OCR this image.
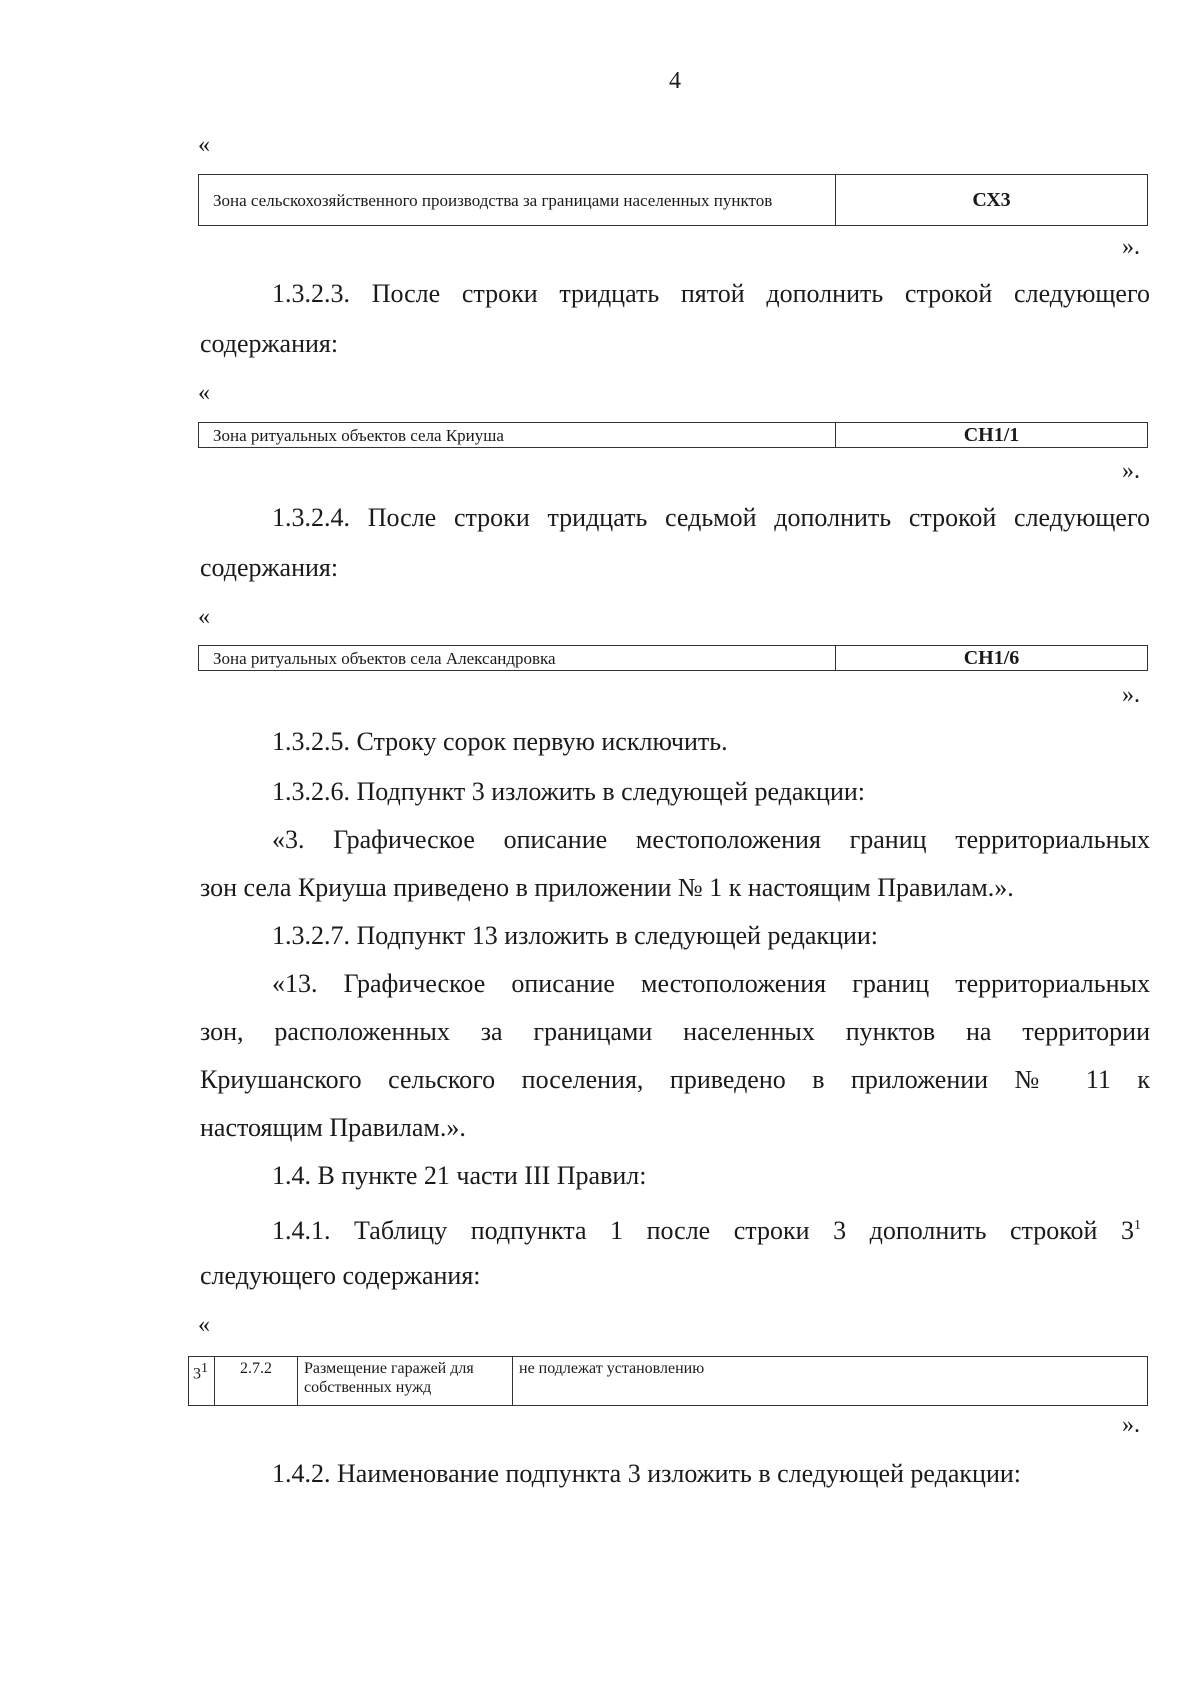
4
«
Зона сельскохозяйственного производства за границами населенных пунктов	СХ3
».
1.3.2.3. После строки тридцать пятой дополнить строкой следующего
содержания:
«
Зона ритуальных объектов села Криуша	СН1/1
».
1.3.2.4. После строки тридцать седьмой дополнить строкой следующего
содержания:
«
Зона ритуальных объектов села Александровка	СН1/6
».
1.3.2.5. Строку сорок первую исключить.
1.3.2.6. Подпункт 3 изложить в следующей редакции:
«3. Графическое описание местоположения границ территориальных
зон села Криуша приведено в приложении № 1 к настоящим Правилам.».
1.3.2.7. Подпункт 13 изложить в следующей редакции:
«13. Графическое описание местоположения границ территориальных
зон, расположенных за границами населенных пунктов на территории
Криушанского сельского поселения, приведено в приложении № 11 к
настоящим Правилам.».
1.4. В пункте 21 части III Правил:
1.4.1. Таблицу подпункта 1 после строки 3 дополнить строкой $3^1$
следующего содержания:
«
$3^1$	2.7.2	Размещение гаражей для собственных нужд	не подлежат установлению
».
1.4.2. Наименование подпункта 3 изложить в следующей редакции:
